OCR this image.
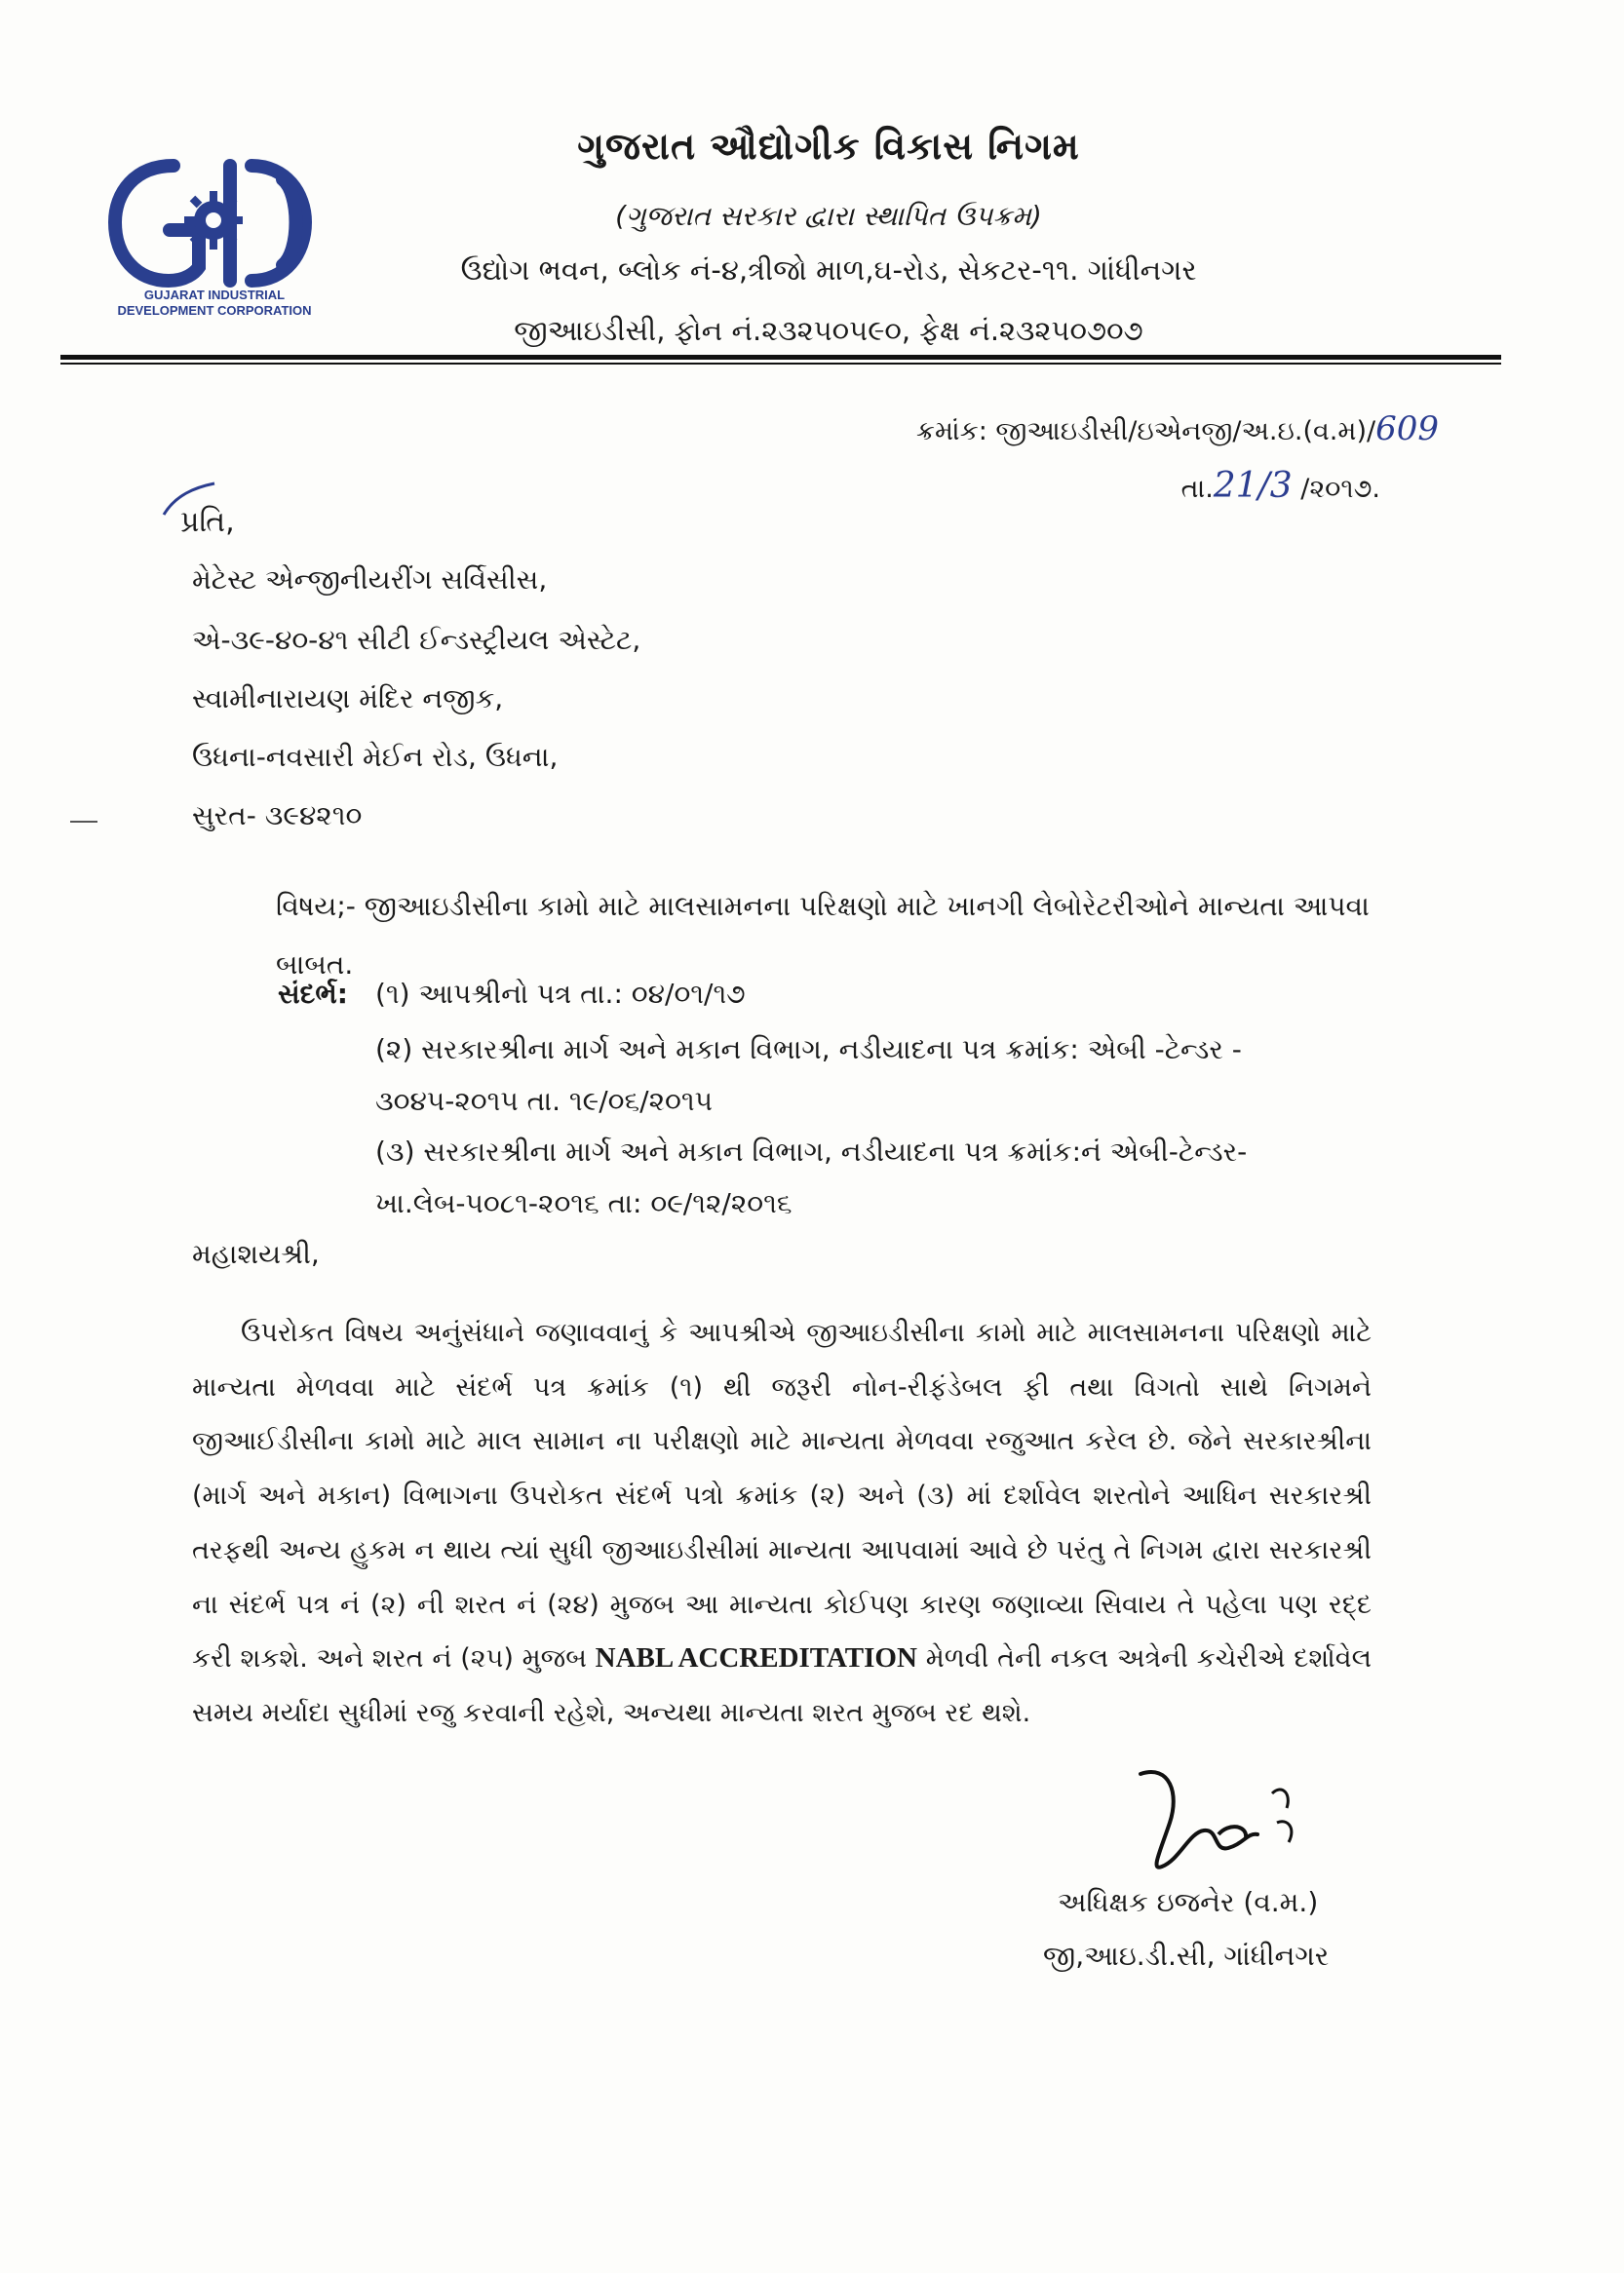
GUJARAT INDUSTRIAL
DEVELOPMENT CORPORATION
ગુજરાત ઔદ્યોગીક વિકાસ નિગમ
(ગુજરાત સરકાર દ્વારા સ્થાપિત ઉપક્રમ)
ઉદ્યોગ ભવન, બ્લોક નં-૪,ત્રીજો માળ,ઘ-રોડ, સેકટર-૧૧. ગાંધીનગર
જીઆઇડીસી, ફોન નં.૨૩૨૫૦૫૯૦, ફેક્ષ નં.૨૩૨૫૦૭૦૭
ક્રમાંક: જીઆઇડીસી/ઇએનજી/અ.ઇ.(વ.મ)/609
તા.21/3 /૨૦૧૭.
પ્રતિ,
મેટેસ્ટ એન્જીનીયરીંગ સર્વિસીસ,
એ-૩૯-૪૦-૪૧ સીટી ઈન્ડસ્ટ્રીયલ એસ્ટેટ,
સ્વામીનારાયણ મંદિર નજીક,
ઉધના-નવસારી મેઈન રોડ, ઉધના,
સુરત- ૩૯૪૨૧૦
વિષય;- જીઆઇડીસીના કામો માટે માલસામનના પરિક્ષણો માટે ખાનગી લેબોરેટરીઓને માન્યતા આપવા બાબત.
સંદર્ભ: (૧) આપશ્રીનો પત્ર તા.: ૦૪/૦૧/૧૭
(૨) સરકારશ્રીના માર્ગ અને મકાન વિભાગ, નડીયાદના પત્ર ક્રમાંક: એબી -ટેન્ડર -
૩૦૪૫-૨૦૧૫ તા. ૧૯/૦૬/૨૦૧૫
(૩) સરકારશ્રીના માર્ગ અને મકાન વિભાગ, નડીયાદના પત્ર ક્રમાંક:નં એબી-ટેન્ડર-
ખા.લેબ-૫૦૮૧-૨૦૧૬ તા: ૦૯/૧૨/૨૦૧૬
મહાશયશ્રી,
ઉપરોકત વિષય અનુંસંધાને જણાવવાનું કે આપશ્રીએ જીઆઇડીસીના કામો માટે માલસામનના પરિક્ષણો માટે માન્યતા મેળવવા માટે સંદર્ભ પત્ર ક્રમાંક (૧) થી જરૂરી નોન-રીફંડેબલ ફી તથા વિગતો સાથે નિગમને જીઆઈડીસીના કામો માટે માલ સામાન ના પરીક્ષણો માટે માન્યતા મેળવવા રજુઆત કરેલ છે. જેને સરકારશ્રીના (માર્ગ અને મકાન) વિભાગના ઉપરોકત સંદર્ભ પત્રો ક્રમાંક (૨) અને (૩) માં દર્શાવેલ શરતોને આધિન સરકારશ્રી તરફથી અન્ય હુકમ ન થાય ત્યાં સુધી જીઆઇડીસીમાં માન્યતા આપવામાં આવે છે પરંતુ તે નિગમ દ્વારા સરકારશ્રી ના સંદર્ભ પત્ર નં (૨) ની શરત નં (૨૪) મુજબ આ માન્યતા કોઈપણ કારણ જણાવ્યા સિવાય તે પહેલા પણ રદ્દ કરી શકશે. અને શરત નં (૨૫) મુજબ NABL ACCREDITATION મેળવી તેની નકલ અત્રેની કચેરીએ દર્શાવેલ સમય મર્યાદા સુધીમાં રજુ કરવાની રહેશે, અન્યથા માન્યતા શરત મુજબ રદ થશે.
અધિક્ષક ઇજનેર (વ.મ.)
જી,આઇ.ડી.સી, ગાંધીનગર
